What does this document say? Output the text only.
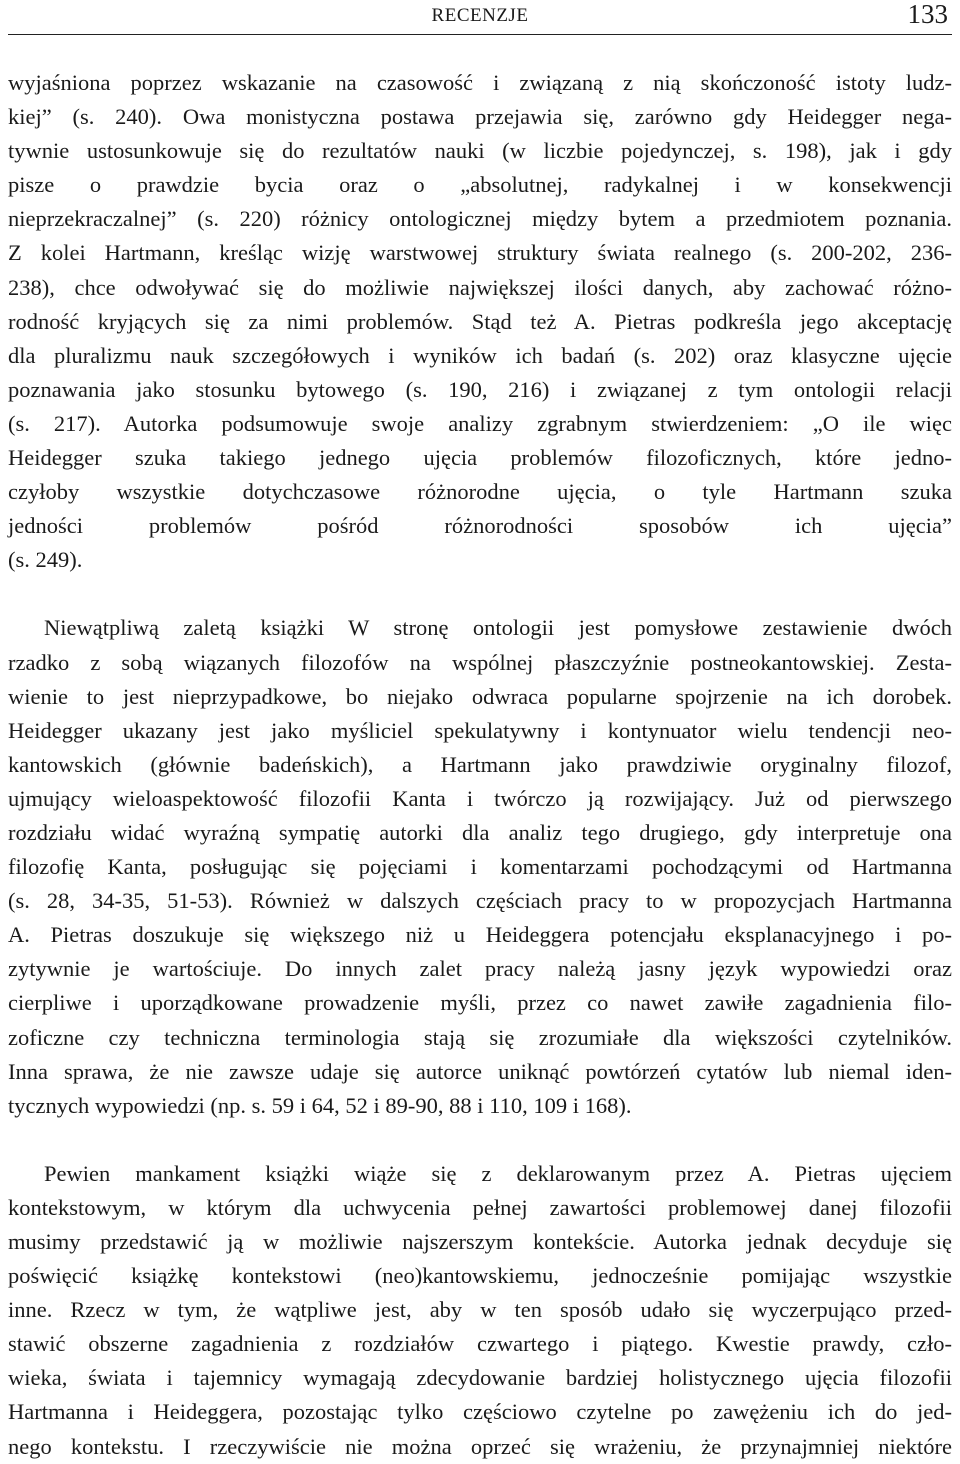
RECENZJE	133

wyjaśniona poprzez wskazanie na czasowość i związaną z nią skończoność istoty ludz-
kiej” (s. 240). Owa monistyczna postawa przejawia się, zarówno gdy Heidegger nega-
tywnie ustosunkowuje się do rezultatów nauki (w liczbie pojedynczej, s. 198), jak i gdy
pisze o prawdzie bycia oraz o „absolutnej, radykalnej i w konsekwencji
nieprzekraczalnej” (s. 220) różnicy ontologicznej między bytem a przedmiotem poznania.
Z kolei Hartmann, kreśląc wizję warstwowej struktury świata realnego (s. 200-202, 236-
238), chce odwoływać się do możliwie największej ilości danych, aby zachować różno-
rodność kryjących się za nimi problemów. Stąd też A. Pietras podkreśla jego akceptację
dla pluralizmu nauk szczegółowych i wyników ich badań (s. 202) oraz klasyczne ujęcie
poznawania jako stosunku bytowego (s. 190, 216) i związanej z tym ontologii relacji
(s. 217). Autorka podsumowuje swoje analizy zgrabnym stwierdzeniem: „O ile więc
Heidegger szuka takiego jednego ujęcia problemów filozoficznych, które jedno-
czyłoby wszystkie dotychczasowe różnorodne ujęcia, o tyle Hartmann szuka
jedności problemów pośród różnorodności sposobów ich ujęcia”
(s. 249).

Niewątpliwą zaletą książki W stronę ontologii jest pomysłowe zestawienie dwóch
rzadko z sobą wiązanych filozofów na wspólnej płaszczyźnie postneokantowskiej. Zesta-
wienie to jest nieprzypadkowe, bo niejako odwraca popularne spojrzenie na ich dorobek.
Heidegger ukazany jest jako myśliciel spekulatywny i kontynuator wielu tendencji neo-
kantowskich (głównie badeńskich), a Hartmann jako prawdziwie oryginalny filozof,
ujmujący wieloaspektowość filozofii Kanta i twórczo ją rozwijający. Już od pierwszego
rozdziału widać wyraźną sympatię autorki dla analiz tego drugiego, gdy interpretuje ona
filozofię Kanta, posługując się pojęciami i komentarzami pochodzącymi od Hartmanna
(s. 28, 34-35, 51-53). Również w dalszych częściach pracy to w propozycjach Hartmanna
A. Pietras doszukuje się większego niż u Heideggera potencjału eksplanacyjnego i po-
zytywnie je wartościuje. Do innych zalet pracy należą jasny język wypowiedzi oraz
cierpliwe i uporządkowane prowadzenie myśli, przez co nawet zawiłe zagadnienia filo-
zoficzne czy techniczna terminologia stają się zrozumiałe dla większości czytelników.
Inna sprawa, że nie zawsze udaje się autorce uniknąć powtórzeń cytatów lub niemal iden-
tycznych wypowiedzi (np. s. 59 i 64, 52 i 89-90, 88 i 110, 109 i 168).

Pewien mankament książki wiąże się z deklarowanym przez A. Pietras ujęciem
kontekstowym, w którym dla uchwycenia pełnej zawartości problemowej danej filozofii
musimy przedstawić ją w możliwie najszerszym kontekście. Autorka jednak decyduje się
poświęcić książkę kontekstowi (neo)kantowskiemu, jednocześnie pomijając wszystkie
inne. Rzecz w tym, że wątpliwe jest, aby w ten sposób udało się wyczerpująco przed-
stawić obszerne zagadnienia z rozdziałów czwartego i piątego. Kwestie prawdy, czło-
wieka, świata i tajemnicy wymagają zdecydowanie bardziej holistycznego ujęcia filozofii
Hartmanna i Heideggera, pozostając tylko częściowo czytelne po zawężeniu ich do jed-
nego kontekstu. I rzeczywiście nie można oprzeć się wrażeniu, że przynajmniej niektóre
